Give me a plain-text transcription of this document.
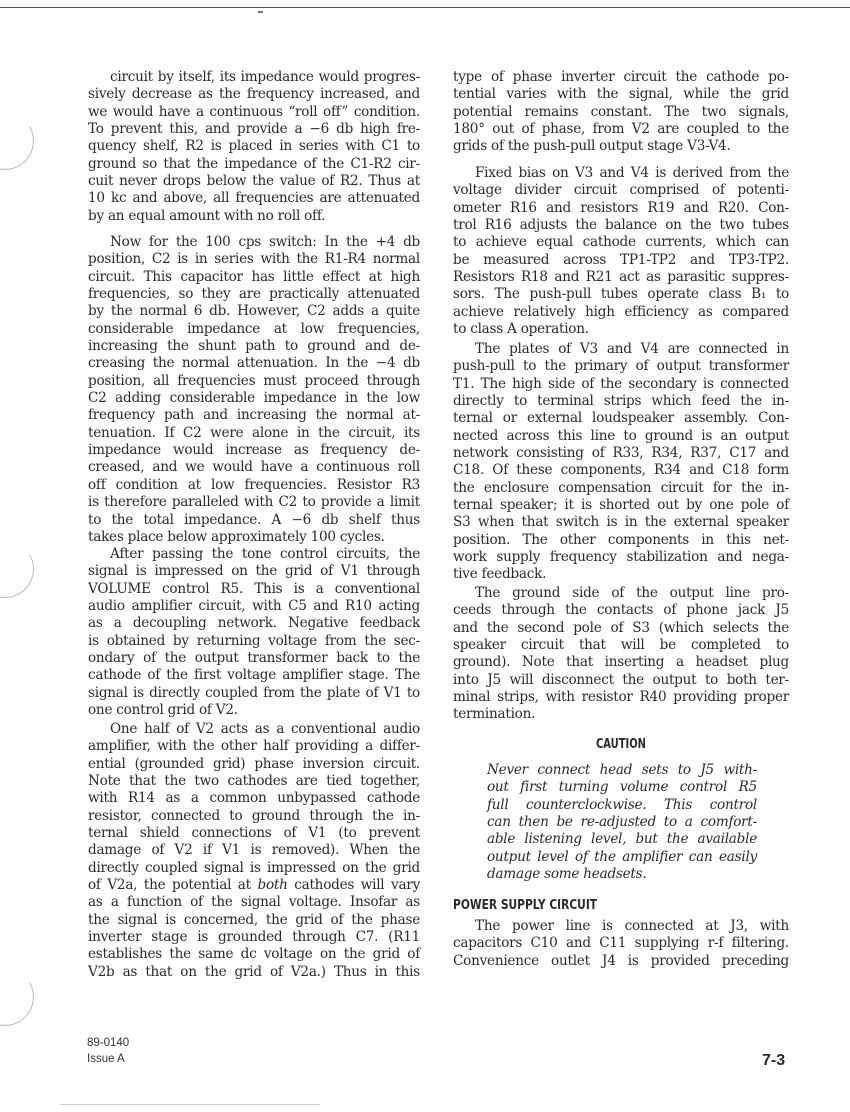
circuit by itself, its impedance would progres-
sively decrease as the frequency increased, and
we would have a continuous “roll off” condition.
To prevent this, and provide a −6 db high fre-
quency shelf, R2 is placed in series with C1 to
ground so that the impedance of the C1-R2 cir-
cuit never drops below the value of R2. Thus at
10 kc and above, all frequencies are attenuated
by an equal amount with no roll off.
Now for the 100 cps switch: In the +4 db
position, C2 is in series with the R1-R4 normal
circuit. This capacitor has little effect at high
frequencies, so they are practically attenuated
by the normal 6 db. However, C2 adds a quite
considerable impedance at low frequencies,
increasing the shunt path to ground and de-
creasing the normal attenuation. In the −4 db
position, all frequencies must proceed through
C2 adding considerable impedance in the low
frequency path and increasing the normal at-
tenuation. If C2 were alone in the circuit, its
impedance would increase as frequency de-
creased, and we would have a continuous roll
off condition at low frequencies. Resistor R3
is therefore paralleled with C2 to provide a limit
to the total impedance. A −6 db shelf thus
takes place below approximately 100 cycles.
After passing the tone control circuits, the
signal is impressed on the grid of V1 through
VOLUME control R5. This is a conventional
audio amplifier circuit, with C5 and R10 acting
as a decoupling network. Negative feedback
is obtained by returning voltage from the sec-
ondary of the output transformer back to the
cathode of the first voltage amplifier stage. The
signal is directly coupled from the plate of V1 to
one control grid of V2.
One half of V2 acts as a conventional audio
amplifier, with the other half providing a differ-
ential (grounded grid) phase inversion circuit.
Note that the two cathodes are tied together,
with R14 as a common unbypassed cathode
resistor, connected to ground through the in-
ternal shield connections of V1 (to prevent
damage of V2 if V1 is removed). When the
directly coupled signal is impressed on the grid
of V2a, the potential at both cathodes will vary
as a function of the signal voltage. Insofar as
the signal is concerned, the grid of the phase
inverter stage is grounded through C7. (R11
establishes the same dc voltage on the grid of
V2b as that on the grid of V2a.) Thus in this
type of phase inverter circuit the cathode po-
tential varies with the signal, while the grid
potential remains constant. The two signals,
180° out of phase, from V2 are coupled to the
grids of the push-pull output stage V3-V4.
Fixed bias on V3 and V4 is derived from the
voltage divider circuit comprised of potenti-
ometer R16 and resistors R19 and R20. Con-
trol R16 adjusts the balance on the two tubes
to achieve equal cathode currents, which can
be measured across TP1-TP2 and TP3-TP2.
Resistors R18 and R21 act as parasitic suppres-
sors. The push-pull tubes operate class B₁ to
achieve relatively high efficiency as compared
to class A operation.
The plates of V3 and V4 are connected in
push-pull to the primary of output transformer
T1. The high side of the secondary is connected
directly to terminal strips which feed the in-
ternal or external loudspeaker assembly. Con-
nected across this line to ground is an output
network consisting of R33, R34, R37, C17 and
C18. Of these components, R34 and C18 form
the enclosure compensation circuit for the in-
ternal speaker; it is shorted out by one pole of
S3 when that switch is in the external speaker
position. The other components in this net-
work supply frequency stabilization and nega-
tive feedback.
The ground side of the output line pro-
ceeds through the contacts of phone jack J5
and the second pole of S3 (which selects the
speaker circuit that will be completed to
ground). Note that inserting a headset plug
into J5 will disconnect the output to both ter-
minal strips, with resistor R40 providing proper
termination.
CAUTION
Never connect head sets to J5 with-
out first turning volume control R5
full counterclockwise. This control
can then be re-adjusted to a comfort-
able listening level, but the available
output level of the amplifier can easily
damage some headsets.
POWER SUPPLY CIRCUIT
The power line is connected at J3, with
capacitors C10 and C11 supplying r-f filtering.
Convenience outlet J4 is provided preceding
89-0140
Issue A	7-3
